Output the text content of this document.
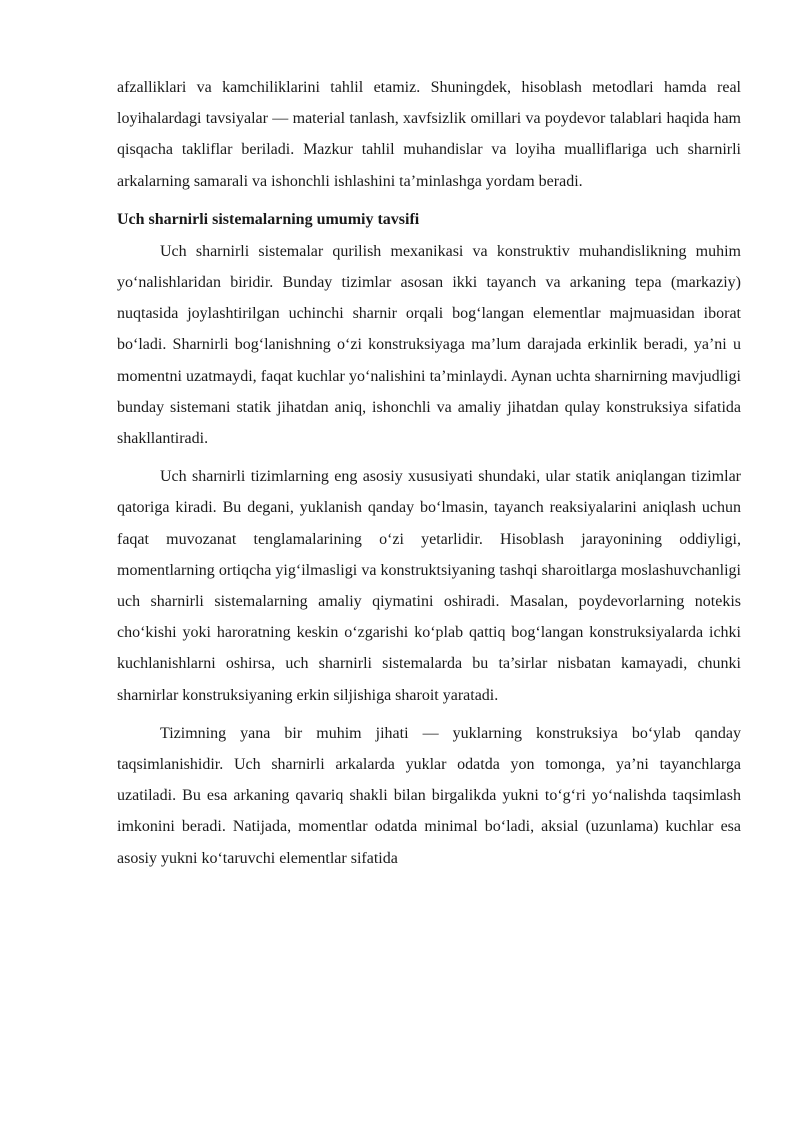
afzalliklari va kamchiliklarini tahlil etamiz. Shuningdek, hisoblash metodlari hamda real loyihalardagi tavsiyalar — material tanlash, xavfsizlik omillari va poydevor talablari haqida ham qisqacha takliflar beriladi. Mazkur tahlil muhandislar va loyiha mualliflariga uch sharnirli arkalarning samarali va ishonchli ishlashini ta’minlashga yordam beradi.

Uch sharnirli sistemalarning umumiy tavsifi

Uch sharnirli sistemalar qurilish mexanikasi va konstruktiv muhandislikning muhim yo‘nalishlaridan biridir. Bunday tizimlar asosan ikki tayanch va arkaning tepa (markaziy) nuqtasida joylashtirilgan uchinchi sharnir orqali bog‘langan elementlar majmuasidan iborat bo‘ladi. Sharnirli bog‘lanishning o‘zi konstruksiyaga ma’lum darajada erkinlik beradi, ya’ni u momentni uzatmaydi, faqat kuchlar yo‘nalishini ta’minlaydi. Aynan uchta sharnirning mavjudligi bunday sistemani statik jihatdan aniq, ishonchli va amaliy jihatdan qulay konstruksiya sifatida shakllantiradi.

Uch sharnirli tizimlarning eng asosiy xususiyati shundaki, ular statik aniqlangan tizimlar qatoriga kiradi. Bu degani, yuklanish qanday bo‘lmasin, tayanch reaksiyalarini aniqlash uchun faqat muvozanat tenglamalarining o‘zi yetarlidir. Hisoblash jarayonining oddiyligi, momentlarning ortiqcha yig‘ilmasligi va konstruktsiyaning tashqi sharoitlarga moslashuvchanligi uch sharnirli sistemalarning amaliy qiymatini oshiradi. Masalan, poydevorlarning notekis cho‘kishi yoki haroratning keskin o‘zgarishi ko‘plab qattiq bog‘langan konstruksiyalarda ichki kuchlanishlarni oshirsa, uch sharnirli sistemalarda bu ta’sirlar nisbatan kamayadi, chunki sharnirlar konstruksiyaning erkin siljishiga sharoit yaratadi.

Tizimning yana bir muhim jihati — yuklarning konstruksiya bo‘ylab qanday taqsimlanishidir. Uch sharnirli arkalarda yuklar odatda yon tomonga, ya’ni tayanchlarga uzatiladi. Bu esa arkaning qavariq shakli bilan birgalikda yukni to‘g‘ri yo‘nalishda taqsimlash imkonini beradi. Natijada, momentlar odatda minimal bo‘ladi, aksial (uzunlama) kuchlar esa asosiy yukni ko‘taruvchi elementlar sifatida
